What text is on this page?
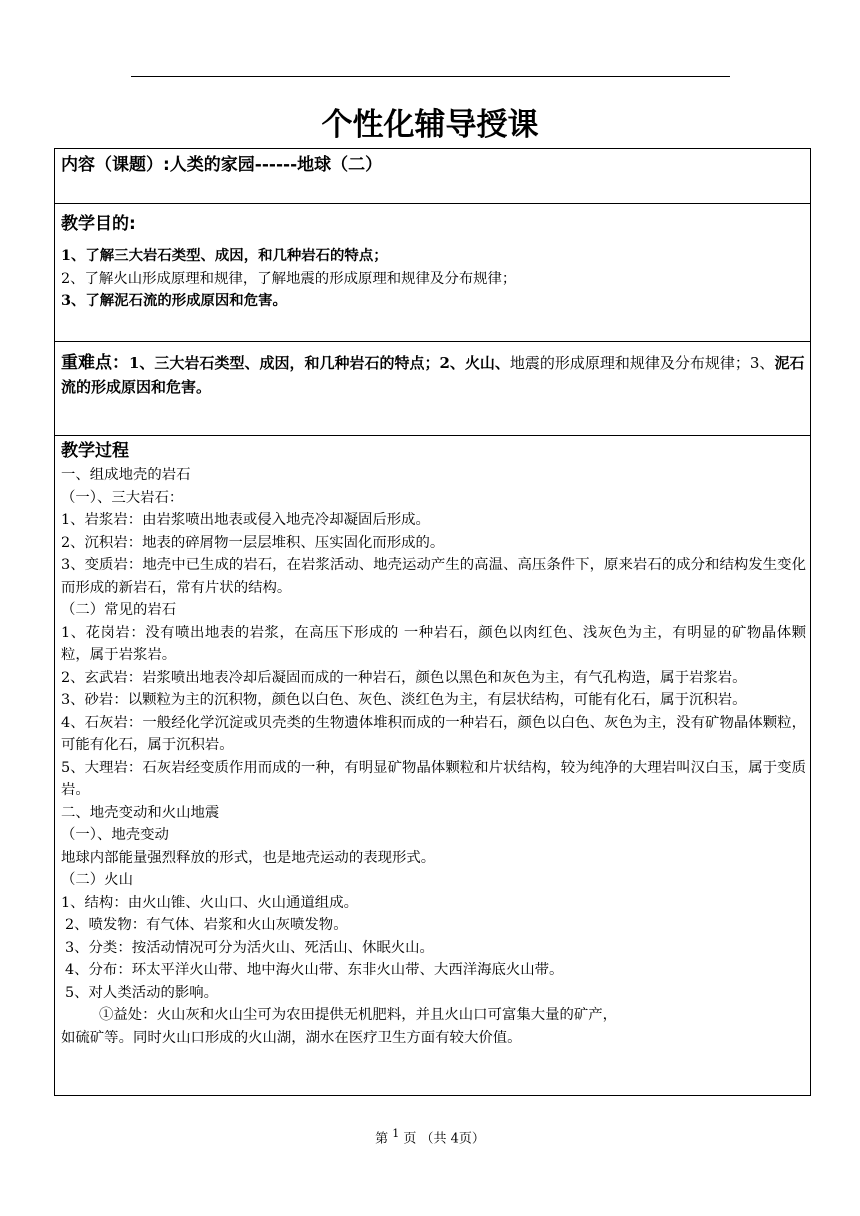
个性化辅导授课
内容（课题）:人类的家园------地球（二）
教学目的:
1、了解三大岩石类型、成因，和几种岩石的特点；
2、了解火山形成原理和规律，了解地震的形成原理和规律及分布规律；
3、了解泥石流的形成原因和危害。
重难点：1、三大岩石类型、成因，和几种岩石的特点；2、火山、地震的形成原理和规律及分布规律；3、泥石流的形成原因和危害。
教学过程
一、组成地壳的岩石
（一）、三大岩石：
1、岩浆岩：由岩浆喷出地表或侵入地壳冷却凝固后形成。
2、沉积岩：地表的碎屑物一层层堆积、压实固化而形成的。
3、变质岩：地壳中已生成的岩石，在岩浆活动、地壳运动产生的高温、高压条件下，原来岩石的成分和结构发生变化而形成的新岩石，常有片状的结构。
（二）常见的岩石
1、花岗岩：没有喷出地表的岩浆，在高压下形成的 一种岩石，颜色以肉红色、浅灰色为主，有明显的矿物晶体颗粒，属于岩浆岩。
2、玄武岩：岩浆喷出地表冷却后凝固而成的一种岩石，颜色以黑色和灰色为主，有气孔构造，属于岩浆岩。
3、砂岩：以颗粒为主的沉积物，颜色以白色、灰色、淡红色为主，有层状结构，可能有化石，属于沉积岩。
4、石灰岩：一般经化学沉淀或贝壳类的生物遗体堆积而成的一种岩石，颜色以白色、灰色为主，没有矿物晶体颗粒，可能有化石，属于沉积岩。
5、大理岩：石灰岩经变质作用而成的一种，有明显矿物晶体颗粒和片状结构，较为纯净的大理岩叫汉白玉，属于变质岩。
二、地壳变动和火山地震
（一）、地壳变动
地球内部能量强烈释放的形式，也是地壳运动的表现形式。
（二）火山
1、结构：由火山锥、火山口、火山通道组成。
2、喷发物：有气体、岩浆和火山灰喷发物。
3、分类：按活动情况可分为活火山、死活山、休眠火山。
4、分布：环太平洋火山带、地中海火山带、东非火山带、大西洋海底火山带。
5、对人类活动的影响。
①益处：火山灰和火山尘可为农田提供无机肥料，并且火山口可富集大量的矿产，
如硫矿等。同时火山口形成的火山湖，湖水在医疗卫生方面有较大价值。
第 $^1$ 页 （共 4页）
